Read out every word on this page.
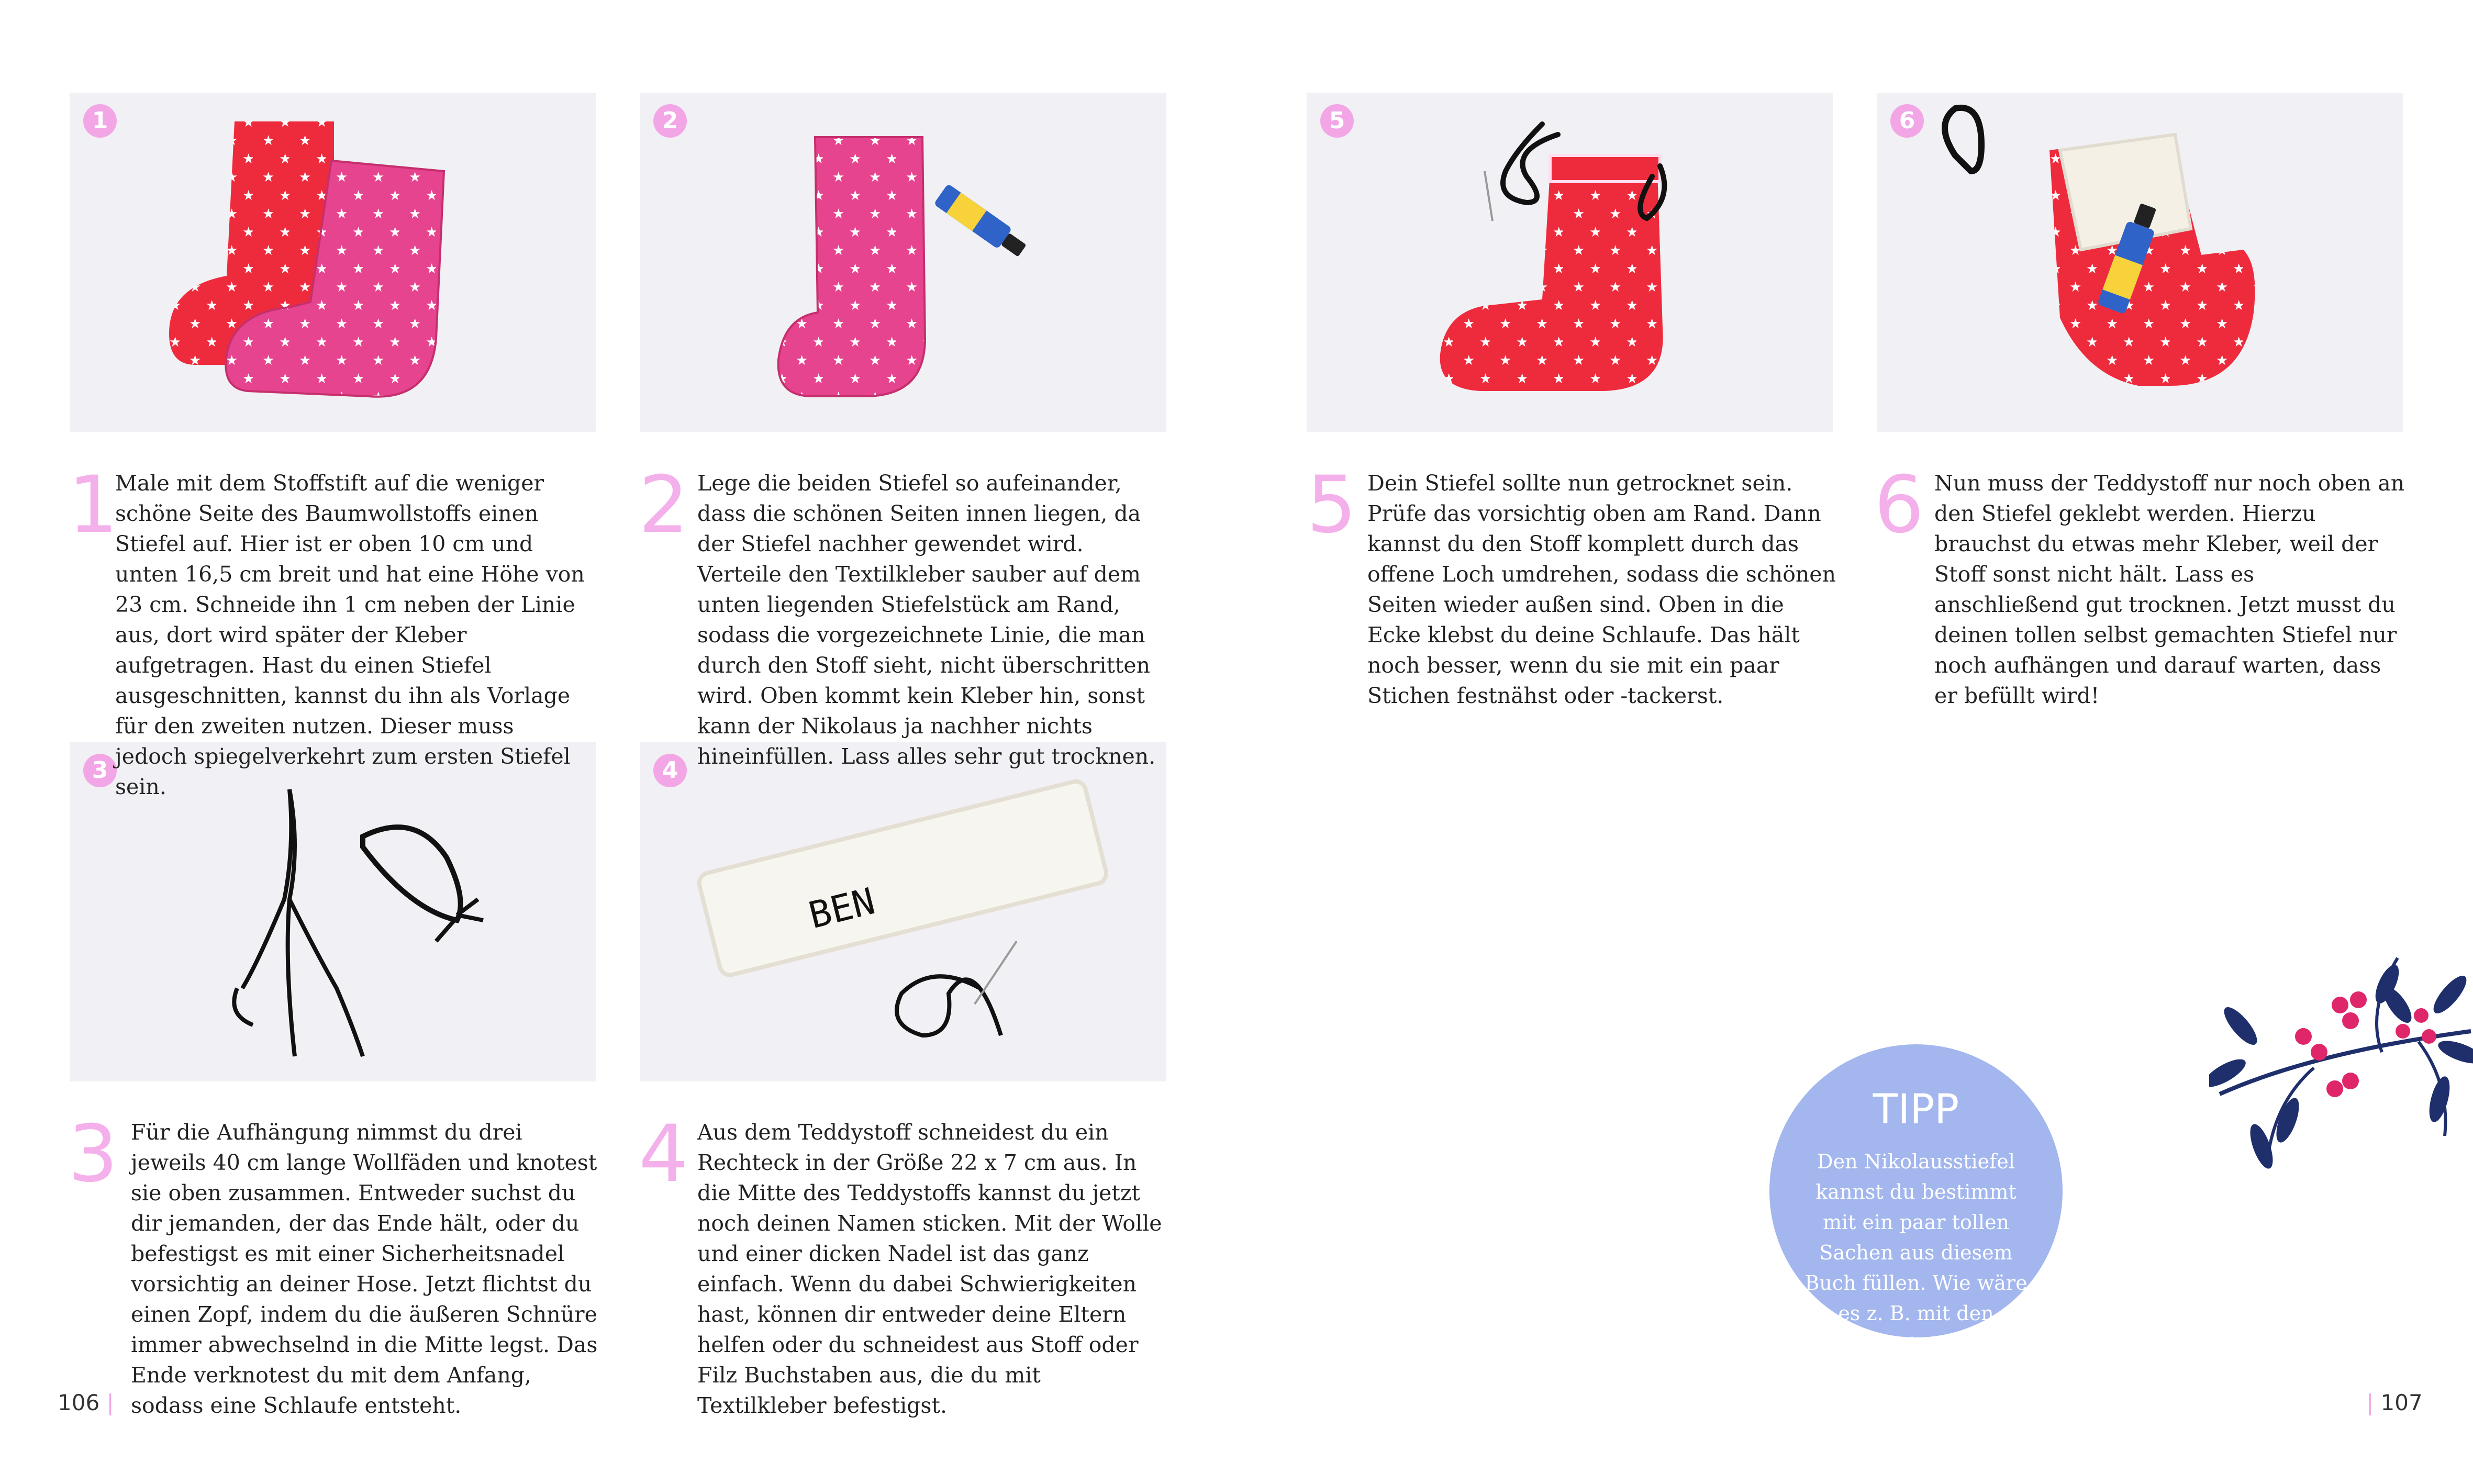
1	2	5	6
3
BEN
4
1

Male mit dem Stoffstift auf die weniger schöne Seite des Baumwollstoffs einen Stiefel auf. Hier ist er oben 10 cm und unten 16,5 cm breit und hat eine Höhe von 23 cm. Schneide ihn 1 cm neben der Linie aus, dort wird später der Kleber aufgetragen. Hast du einen Stiefel ausgeschnitten, kannst du ihn als Vorlage für den zweiten nutzen. Dieser muss jedoch spiegelverkehrt zum ersten Stiefel sein.

2 Lege die beiden Stiefel so aufeinander, dass die schönen Seiten innen liegen, da der Stiefel nachher gewendet wird. Verteile den Textilkleber sauber auf dem unten liegenden Stiefelstück am Rand, sodass die vorgezeichnete Linie, die man durch den Stoff sieht, nicht überschritten wird. Oben kommt kein Kleber hin, sonst kann der Nikolaus ja nachher nichts hineinfüllen. Lass alles sehr gut trocknen.

5 Dein Stiefel sollte nun getrocknet sein. Prüfe das vorsichtig oben am Rand. Dann kannst du den Stoff komplett durch das offene Loch umdrehen, sodass die schönen Seiten wieder außen sind. Oben in die Ecke klebst du deine Schlaufe. Das hält noch besser, wenn du sie mit ein paar Stichen festnähst oder -tackerst.

6 Nun muss der Teddystoff nur noch oben an den Stiefel geklebt werden. Hierzu brauchst du etwas mehr Kleber, weil der Stoff sonst nicht hält. Lass es anschließend gut trocknen. Jetzt musst du deinen tollen selbst gemachten Stiefel nur noch aufhängen und darauf warten, dass er befüllt wird!

3 Für die Aufhängung nimmst du drei jeweils 40 cm lange Wollfäden und knotest sie oben zusammen. Entweder suchst du dir jemanden, der das Ende hält, oder du befestigst es mit einer Sicherheitsnadel vorsichtig an deiner Hose. Jetzt flichtst du einen Zopf, indem du die äußeren Schnüre immer abwechselnd in die Mitte legst. Das Ende verknotest du mit dem Anfang, sodass eine Schlaufe entsteht.

4 Aus dem Teddystoff schneidest du ein Rechteck in der Größe 22 x 7 cm aus. In die Mitte des Teddystoffs kannst du jetzt noch deinen Namen sticken. Mit der Wolle und einer dicken Nadel ist das ganz einfach. Wenn du dabei Schwierigkeiten hast, können dir entweder deine Eltern helfen oder du schneidest aus Stoff oder Filz Buchstaben aus, die du mit Textilkleber befestigst.

TIPP

Den Nikolausstiefel kannst du bestimmt mit ein paar tollen Sachen aus diesem Buch füllen. Wie wäre es z. B. mit den Schokosternen im Glas von Seite 125?

106 |	| 107
